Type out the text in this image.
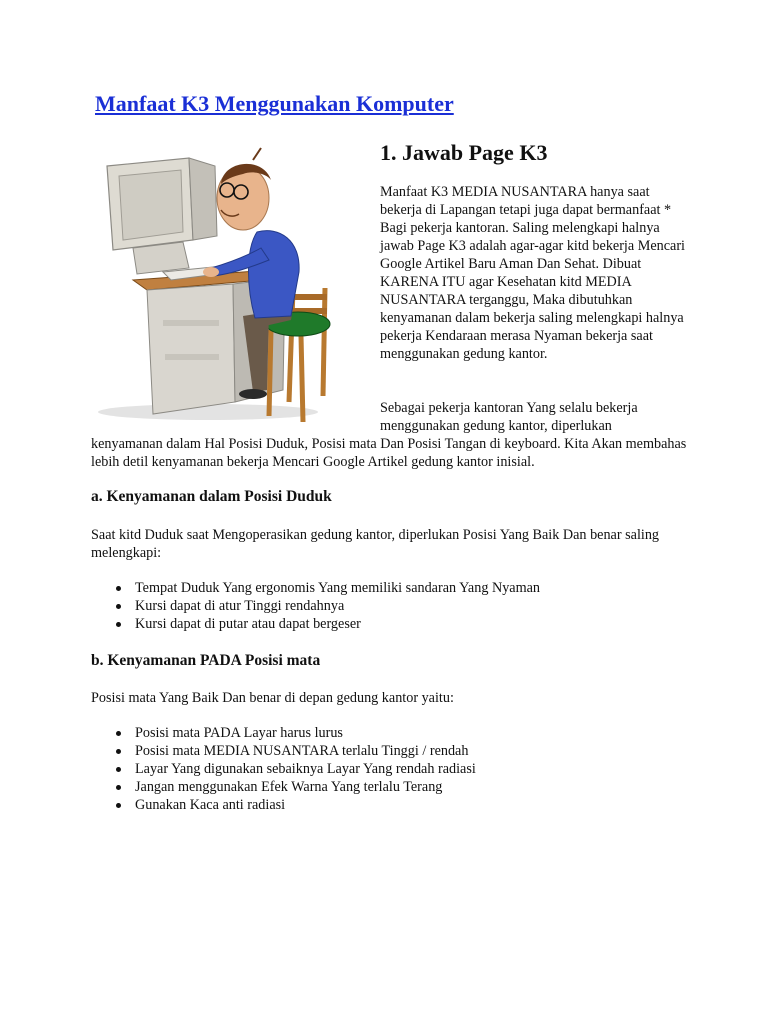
Manfaat K3 Menggunakan Komputer
1. Jawab Page K3

Manfaat K3 MEDIA NUSANTARA hanya saat bekerja di Lapangan tetapi juga dapat bermanfaat * Bagi pekerja kantoran. Saling melengkapi halnya jawab Page K3 adalah agar-agar kitd bekerja Mencari Google Artikel Baru Aman Dan Sehat. Dibuat KARENA ITU agar Kesehatan kitd MEDIA NUSANTARA terganggu, Maka dibutuhkan kenyamanan dalam bekerja saling melengkapi halnya pekerja Kendaraan merasa Nyaman bekerja saat menggunakan gedung kantor.

Sebagai pekerja kantoran Yang selalu bekerja menggunakan gedung kantor, diperlukan

kenyamanan dalam Hal Posisi Duduk, Posisi mata Dan Posisi Tangan di keyboard. Kita Akan membahas lebih detil kenyamanan bekerja Mencari Google Artikel gedung kantor inisial.

a. Kenyamanan dalam Posisi Duduk

Saat kitd Duduk saat Mengoperasikan gedung kantor, diperlukan Posisi Yang Baik Dan benar saling melengkapi:

Tempat Duduk Yang ergonomis Yang memiliki sandaran Yang Nyaman
Kursi dapat di atur Tinggi rendahnya
Kursi dapat di putar atau dapat bergeser
b. Kenyamanan PADA Posisi mata

Posisi mata Yang Baik Dan benar di depan gedung kantor yaitu:

Posisi mata PADA Layar harus lurus
Posisi mata MEDIA NUSANTARA terlalu Tinggi / rendah
Layar Yang digunakan sebaiknya Layar Yang rendah radiasi
Jangan menggunakan Efek Warna Yang terlalu Terang
Gunakan Kaca anti radiasi
